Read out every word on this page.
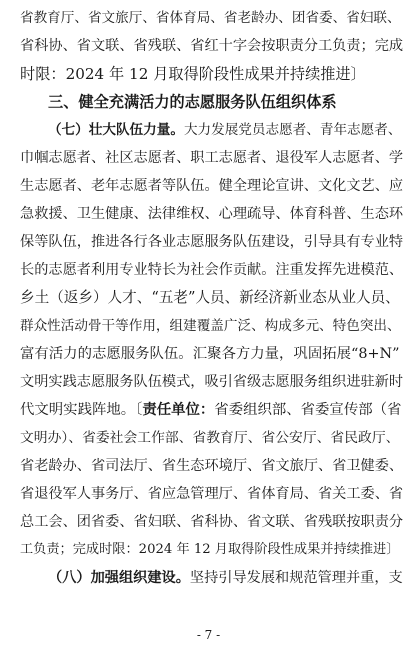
省教育厅、省文旅厅、省体育局、省老龄办、团省委、省妇联、
省科协、省文联、省残联、省红十字会按职责分工负责；完成
时限：2024 年 12 月取得阶段性成果并持续推进〕
三、健全充满活力的志愿服务队伍组织体系
（七）壮大队伍力量。大力发展党员志愿者、青年志愿者、
巾帼志愿者、社区志愿者、职工志愿者、退役军人志愿者、学
生志愿者、老年志愿者等队伍。健全理论宣讲、文化文艺、应
急救援、卫生健康、法律维权、心理疏导、体育科普、生态环
保等队伍，推进各行各业志愿服务队伍建设，引导具有专业特
长的志愿者利用专业特长为社会作贡献。注重发挥先进模范、
乡土（返乡）人才、“五老”人员、新经济新业态从业人员、
群众性活动骨干等作用，组建覆盖广泛、构成多元、特色突出、
富有活力的志愿服务队伍。汇聚各方力量，巩固拓展“8+N”
文明实践志愿服务队伍模式，吸引省级志愿服务组织进驻新时
代文明实践阵地。〔责任单位：省委组织部、省委宣传部（省
文明办）、省委社会工作部、省教育厅、省公安厅、省民政厅、
省老龄办、省司法厅、省生态环境厅、省文旅厅、省卫健委、
省退役军人事务厅、省应急管理厅、省体育局、省关工委、省
总工会、团省委、省妇联、省科协、省文联、省残联按职责分
工负责；完成时限：2024 年 12 月取得阶段性成果并持续推进〕
（八）加强组织建设。坚持引导发展和规范管理并重，支
- 7 -
